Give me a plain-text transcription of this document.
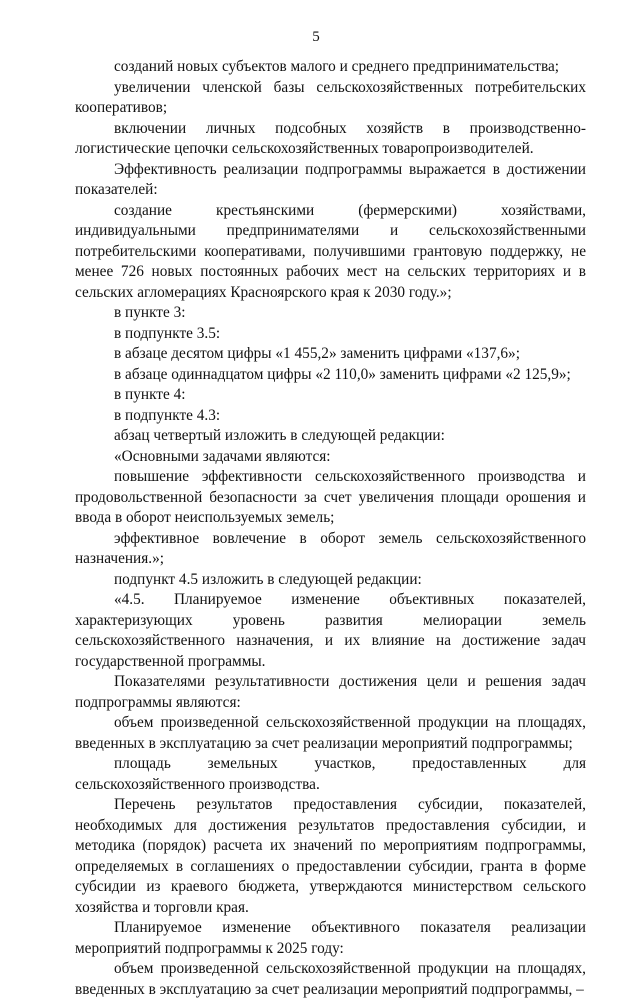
5

созданий новых субъектов малого и среднего предпринимательства;

увеличении членской базы сельскохозяйственных потребительских кооперативов;

включении личных подсобных хозяйств в производственно-логистические цепочки сельскохозяйственных товаропроизводителей.

Эффективность реализации подпрограммы выражается в достижении показателей:

создание крестьянскими (фермерскими) хозяйствами, индивидуальными предпринимателями и сельскохозяйственными потребительскими кооперативами, получившими грантовую поддержку, не менее 726 новых постоянных рабочих мест на сельских территориях и в сельских агломерациях Красноярского края к 2030 году.»;

в пункте 3:

в подпункте 3.5:

в абзаце десятом цифры «1 455,2» заменить цифрами «137,6»;

в абзаце одиннадцатом цифры «2 110,0» заменить цифрами «2 125,9»;

в пункте 4:

в подпункте 4.3:

абзац четвертый изложить в следующей редакции:

«Основными задачами являются:

повышение эффективности сельскохозяйственного производства и продовольственной безопасности за счет увеличения площади орошения и ввода в оборот неиспользуемых земель;

эффективное вовлечение в оборот земель сельскохозяйственного назначения.»;

подпункт 4.5 изложить в следующей редакции:

«4.5. Планируемое изменение объективных показателей, характеризующих уровень развития мелиорации земель сельскохозяйственного назначения, и их влияние на достижение задач государственной программы.

Показателями результативности достижения цели и решения задач подпрограммы являются:

объем произведенной сельскохозяйственной продукции на площадях, введенных в эксплуатацию за счет реализации мероприятий подпрограммы;

площадь земельных участков, предоставленных для сельскохозяйственного производства.

Перечень результатов предоставления субсидии, показателей, необходимых для достижения результатов предоставления субсидии, и методика (порядок) расчета их значений по мероприятиям подпрограммы, определяемых в соглашениях о предоставлении субсидии, гранта в форме субсидии из краевого бюджета, утверждаются министерством сельского хозяйства и торговли края.

Планируемое изменение объективного показателя реализации мероприятий подпрограммы к 2025 году:

объем произведенной сельскохозяйственной продукции на площадях, введенных в эксплуатацию за счет реализации мероприятий подпрограммы, –
